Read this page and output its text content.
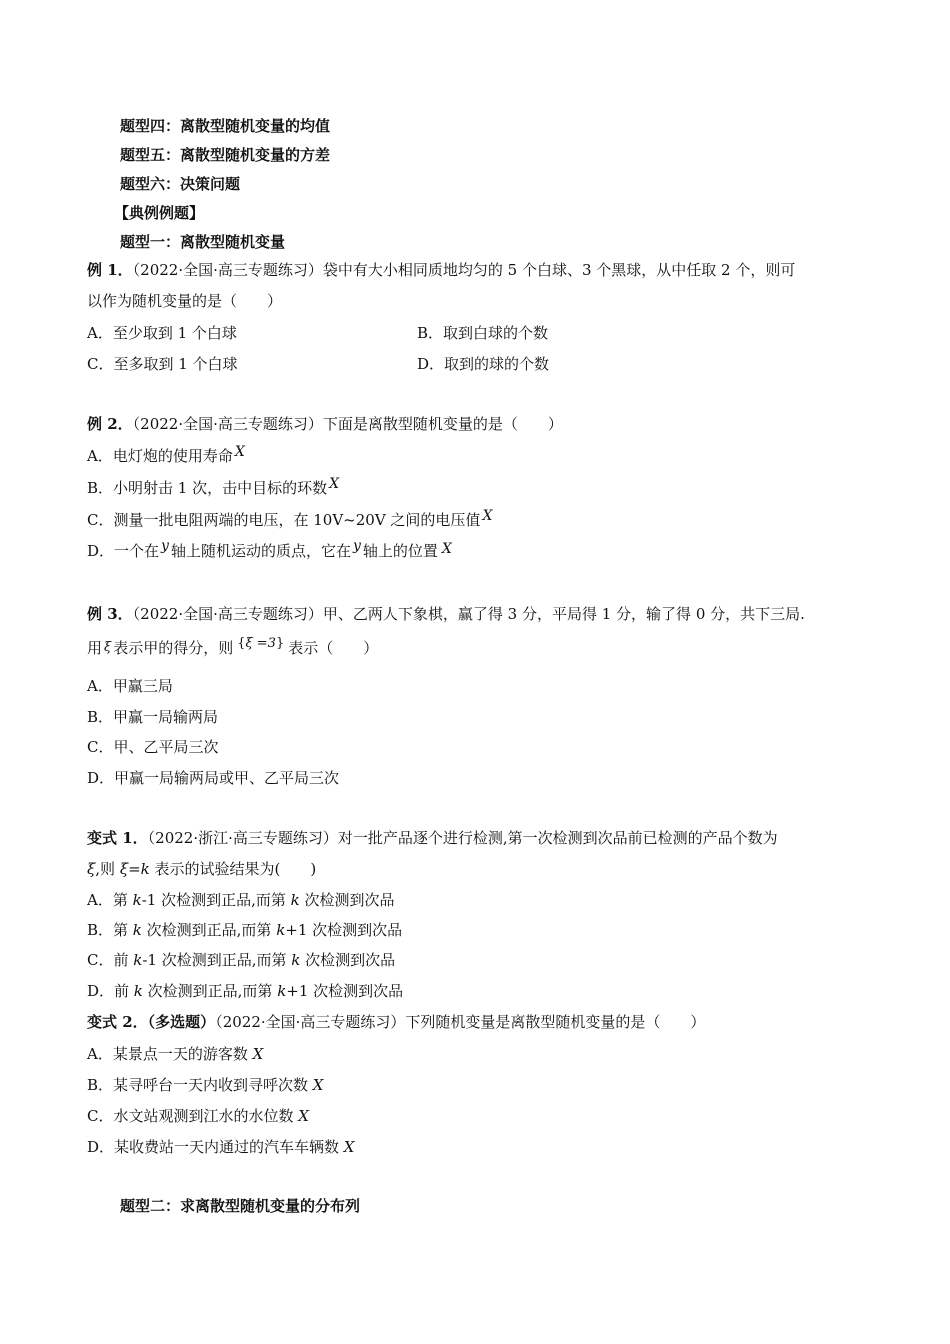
题型四：离散型随机变量的均值
题型五：离散型随机变量的方差
题型六：决策问题
【典例例题】
题型一：离散型随机变量
例 1．（2022·全国·高三专题练习）袋中有大小相同质地均匀的 5 个白球、3 个黑球，从中任取 2 个，则可
以作为随机变量的是（　　）
A．至少取到 1 个白球	B．取到白球的个数
C．至多取到 1 个白球	D．取到的球的个数
例 2．（2022·全国·高三专题练习）下面是离散型随机变量的是（　　）
A．电灯炮的使用寿命 X
B．小明射击 1 次，击中目标的环数 X
C．测量一批电阻两端的电压，在 10V~20V 之间的电压值 X
D．一个在 y 轴上随机运动的质点，它在 y 轴上的位置 X
例 3．（2022·全国·高三专题练习）甲、乙两人下象棋，赢了得 3 分，平局得 1 分，输了得 0 分，共下三局.
用 ξ 表示甲的得分，则 {ξ =3} 表示（　　）
A．甲赢三局
B．甲赢一局输两局
C．甲、乙平局三次
D．甲赢一局输两局或甲、乙平局三次
变式 1．（2022·浙江·高三专题练习）对一批产品逐个进行检测,第一次检测到次品前已检测的产品个数为
ξ,则 ξ=k 表示的试验结果为(　　)
A．第 k-1 次检测到正品,而第 k 次检测到次品
B．第 k 次检测到正品,而第 k+1 次检测到次品
C．前 k-1 次检测到正品,而第 k 次检测到次品
D．前 k 次检测到正品,而第 k+1 次检测到次品
变式 2．（多选题）（2022·全国·高三专题练习）下列随机变量是离散型随机变量的是（　　）
A．某景点一天的游客数 X
B．某寻呼台一天内收到寻呼次数 X
C．水文站观测到江水的水位数 X
D．某收费站一天内通过的汽车车辆数 X
题型二：求离散型随机变量的分布列
